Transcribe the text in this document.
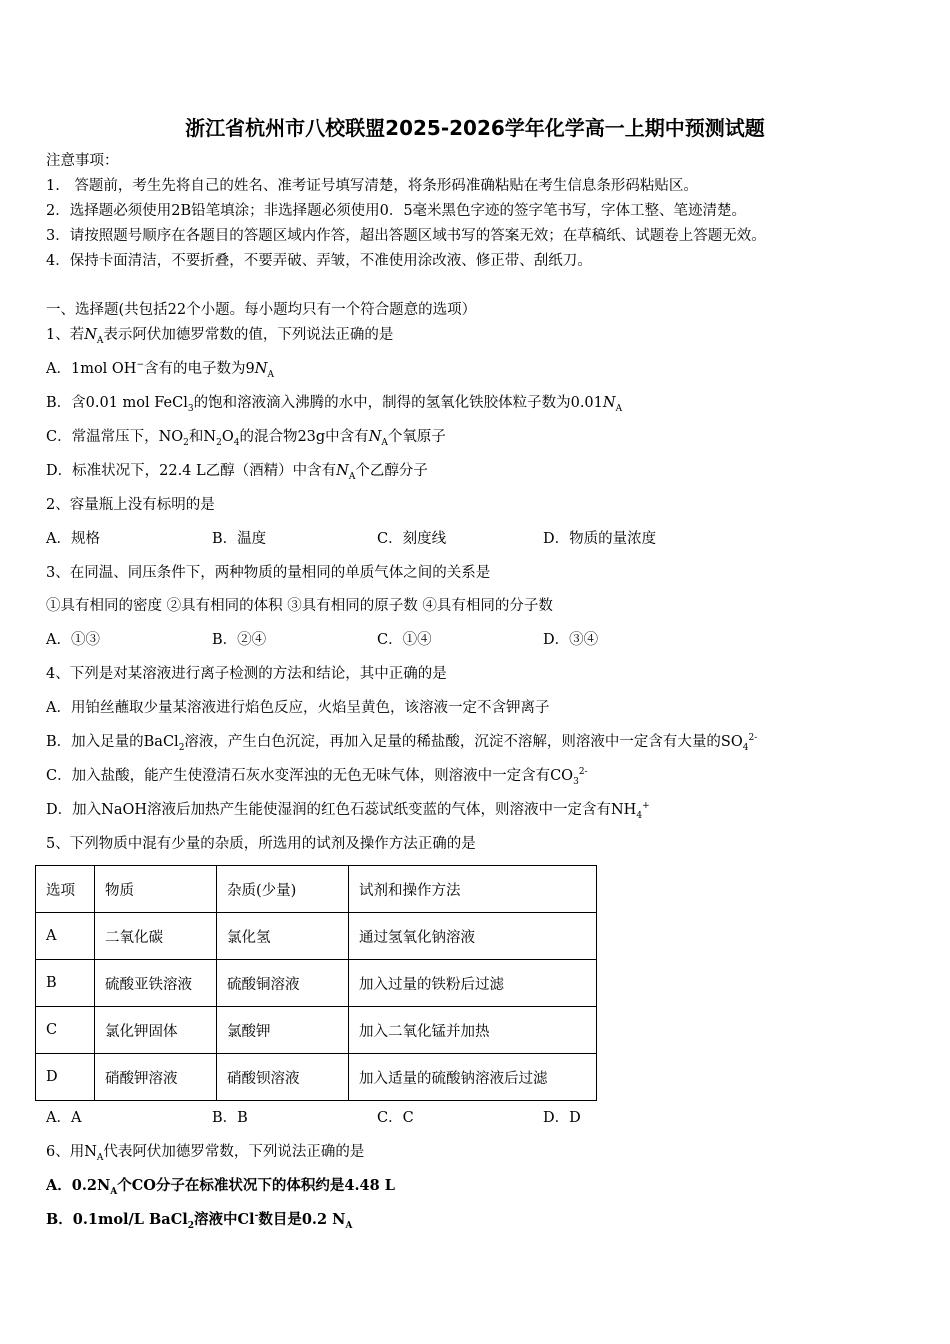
浙江省杭州市八校联盟2025-2026学年化学高一上期中预测试题
注意事项：
1.　答题前，考生先将自己的姓名、准考证号填写清楚，将条形码准确粘贴在考生信息条形码粘贴区。
2．选择题必须使用2B铅笔填涂；非选择题必须使用0．5毫米黑色字迹的签字笔书写，字体工整、笔迹清楚。
3．请按照题号顺序在各题目的答题区域内作答，超出答题区域书写的答案无效；在草稿纸、试题卷上答题无效。
4．保持卡面清洁，不要折叠，不要弄破、弄皱，不准使用涂改液、修正带、刮纸刀。
一、选择题(共包括22个小题。每小题均只有一个符合题意的选项）
1、若$N_A$表示阿伏加德罗常数的值，下列说法正确的是
A．1mol OH−含有的电子数为$9N_A$
B．含0.01 mol FeCl$_3$的饱和溶液滴入沸腾的水中，制得的氢氧化铁胶体粒子数为$0.01N_A$
C．常温常压下，$NO_2$和$N_2O_4$的混合物23g中含有$N_A$个氧原子
D．标准状况下，22.4 L乙醇（酒精）中含有$N_A$个乙醇分子
2、容量瓶上没有标明的是
A．规格	B．温度	C．刻度线	D．物质的量浓度
3、在同温、同压条件下，两种物质的量相同的单质气体之间的关系是
①具有相同的密度 ②具有相同的体积 ③具有相同的原子数 ④具有相同的分子数
A．①③	B．②④	C．①④	D．③④
4、下列是对某溶液进行离子检测的方法和结论，其中正确的是
A．用铂丝蘸取少量某溶液进行焰色反应，火焰呈黄色，该溶液一定不含钾离子
B．加入足量的BaCl$_2$溶液，产生白色沉淀，再加入足量的稀盐酸，沉淀不溶解，则溶液中一定含有大量的$SO_4^{2-}$
C．加入盐酸，能产生使澄清石灰水变浑浊的无色无味气体，则溶液中一定含有$CO_3^{2-}$
D．加入NaOH溶液后加热产生能使湿润的红色石蕊试纸变蓝的气体，则溶液中一定含有$NH_4^+$
5、下列物质中混有少量的杂质，所选用的试剂及操作方法正确的是
选项	物质	杂质(少量)	试剂和操作方法
A	二氧化碳	氯化氢	通过氢氧化钠溶液
B	硫酸亚铁溶液	硫酸铜溶液	加入过量的铁粉后过滤
C	氯化钾固体	氯酸钾	加入二氧化锰并加热
D	硝酸钾溶液	硝酸钡溶液	加入适量的硫酸钠溶液后过滤
A．A	B．B	C．C	D．D
6、用$N_A$代表阿伏加德罗常数，下列说法正确的是
A．$0.2N_A$个CO分子在标准状况下的体积约是4.48 L
B．0.1mol/L BaCl$_2$溶液中Cl-数目是0.2 $N_A$
